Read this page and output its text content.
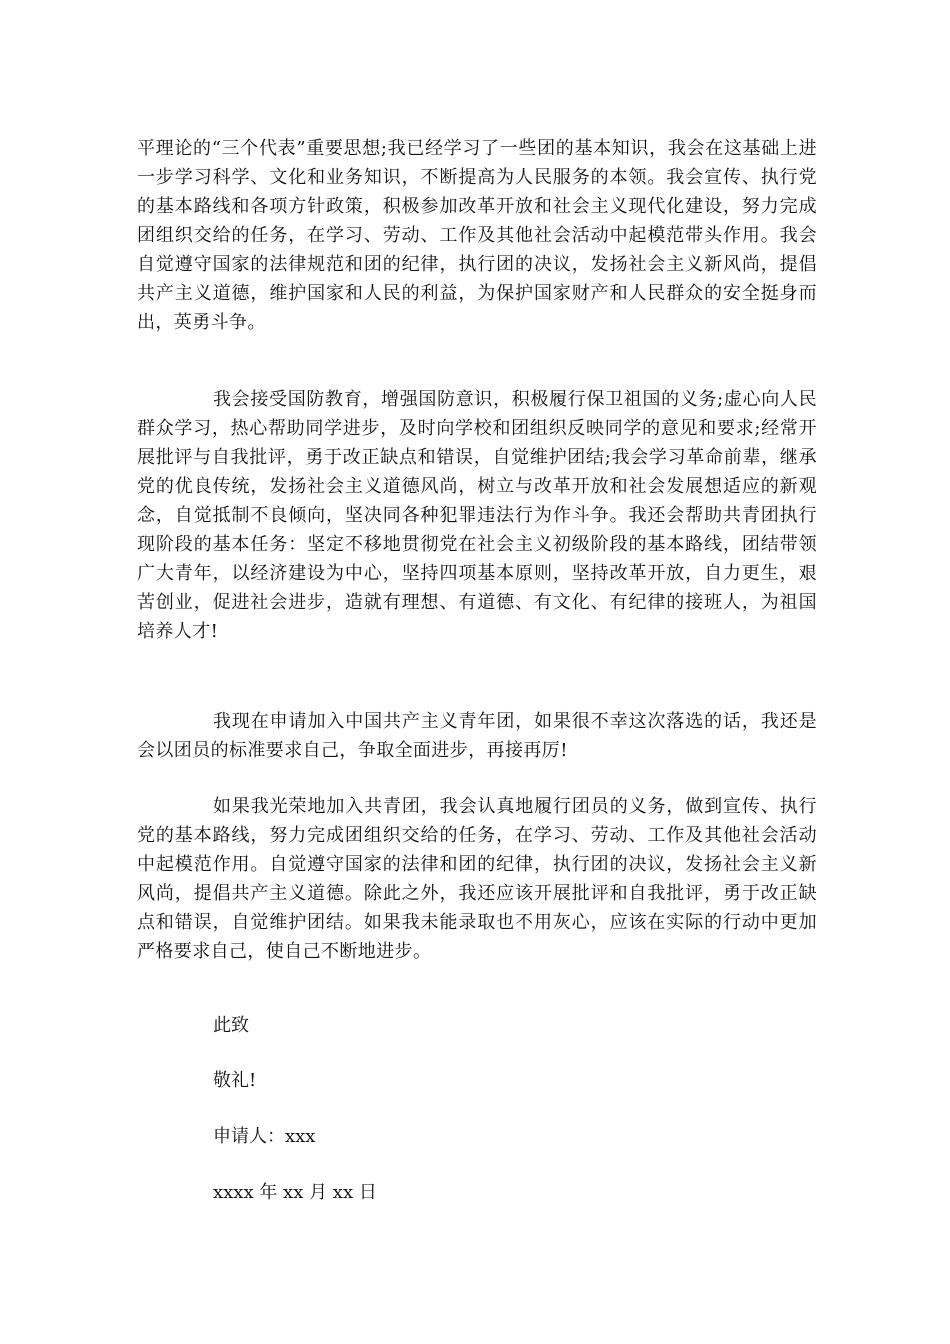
平理论的“三个代表”重要思想;我已经学习了一些团的基本知识，我会在这基础上进一步学习科学、文化和业务知识，不断提高为人民服务的本领。我会宣传、执行党的基本路线和各项方针政策，积极参加改革开放和社会主义现代化建设，努力完成团组织交给的任务，在学习、劳动、工作及其他社会活动中起模范带头作用。我会自觉遵守国家的法律规范和团的纪律，执行团的决议，发扬社会主义新风尚，提倡共产主义道德，维护国家和人民的利益，为保护国家财产和人民群众的安全挺身而出，英勇斗争。

我会接受国防教育，增强国防意识，积极履行保卫祖国的义务;虚心向人民群众学习，热心帮助同学进步，及时向学校和团组织反映同学的意见和要求;经常开展批评与自我批评，勇于改正缺点和错误，自觉维护团结;我会学习革命前辈，继承党的优良传统，发扬社会主义道德风尚，树立与改革开放和社会发展想适应的新观念，自觉抵制不良倾向，坚决同各种犯罪违法行为作斗争。我还会帮助共青团执行现阶段的基本任务：坚定不移地贯彻党在社会主义初级阶段的基本路线，团结带领广大青年，以经济建设为中心，坚持四项基本原则，坚持改革开放，自力更生，艰苦创业，促进社会进步，造就有理想、有道德、有文化、有纪律的接班人，为祖国培养人才!

我现在申请加入中国共产主义青年团，如果很不幸这次落选的话，我还是会以团员的标准要求自己，争取全面进步，再接再厉!

如果我光荣地加入共青团，我会认真地履行团员的义务，做到宣传、执行党的基本路线，努力完成团组织交给的任务，在学习、劳动、工作及其他社会活动中起模范作用。自觉遵守国家的法律和团的纪律，执行团的决议，发扬社会主义新风尚，提倡共产主义道德。除此之外，我还应该开展批评和自我批评，勇于改正缺点和错误，自觉维护团结。如果我未能录取也不用灰心，应该在实际的行动中更加严格要求自己，使自己不断地进步。

此致

敬礼!

申请人：xxx

xxxx 年 xx 月 xx 日
